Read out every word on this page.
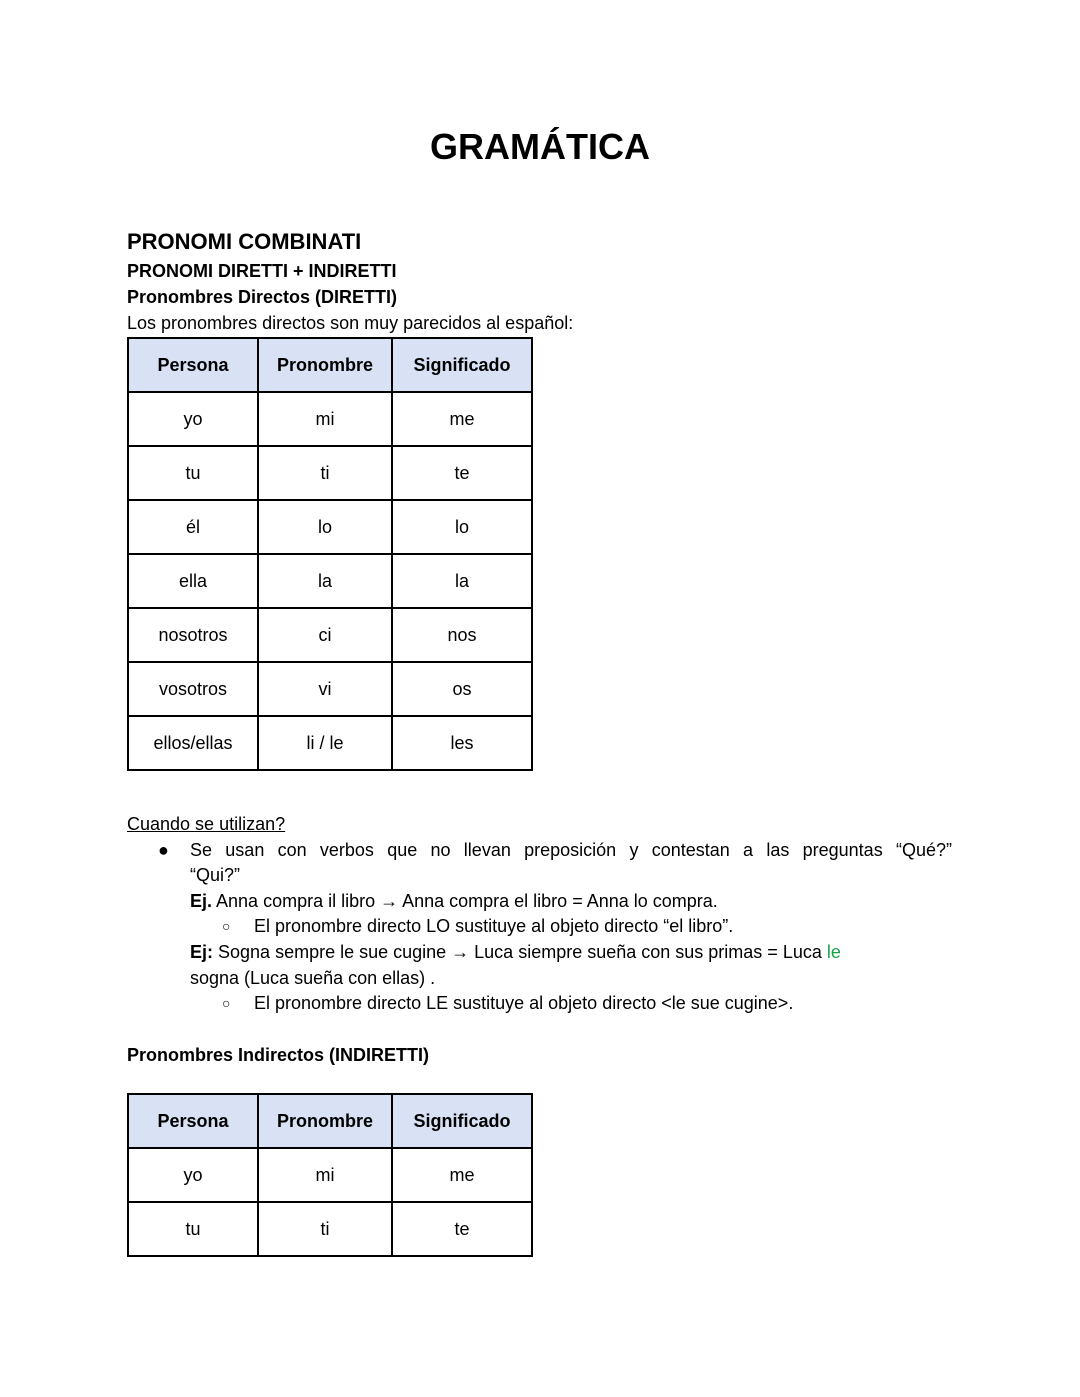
GRAMÁTICA
PRONOMI COMBINATI
PRONOMI DIRETTI + INDIRETTI
Pronombres Directos (DIRETTI)
Los pronombres directos son muy parecidos al español:
Persona	Pronombre	Significado
yo	mi	me
tu	ti	te
él	lo	lo
ella	la	la
nosotros	ci	nos
vosotros	vi	os
ellos/ellas	li / le	les
Cuando se utilizan?
● Se usan con verbos que no llevan preposición y contestan a las preguntas “Qué?”
“Qui?”
Ej. Anna compra il libro → Anna compra el libro = Anna lo compra.
○ El pronombre directo LO sustituye al objeto directo “el libro”.
Ej: Sogna sempre le sue cugine → Luca siempre sueña con sus primas = Luca le
sogna (Luca sueña con ellas) .
○ El pronombre directo LE sustituye al objeto directo <le sue cugine>.
Pronombres Indirectos (INDIRETTI)
Persona	Pronombre	Significado
yo	mi	me
tu	ti	te
